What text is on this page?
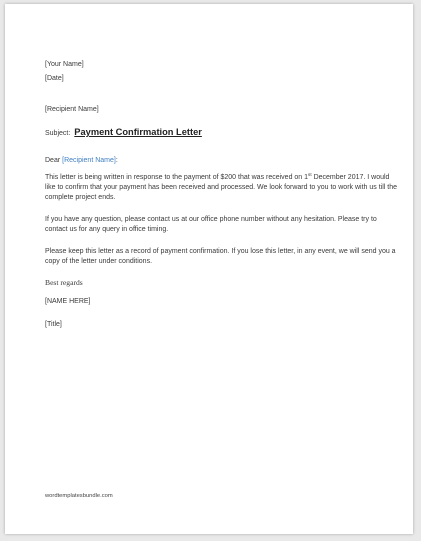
[Your Name]
[Date]
[Recipient Name]
Subject: Payment Confirmation Letter
Dear [Recipient Name]:
This letter is being written in response to the payment of $200 that was received on 1st December 2017. I would like to confirm that your payment has been received and processed. We look forward to you to work with us till the complete project ends.
If you have any question, please contact us at our office phone number without any hesitation. Please try to contact us for any query in office timing.
Please keep this letter as a record of payment confirmation. If you lose this letter, in any event, we will send you a copy of the letter under conditions.
Best regards
[NAME HERE]
[Title]
wordtemplatesbundle.com
